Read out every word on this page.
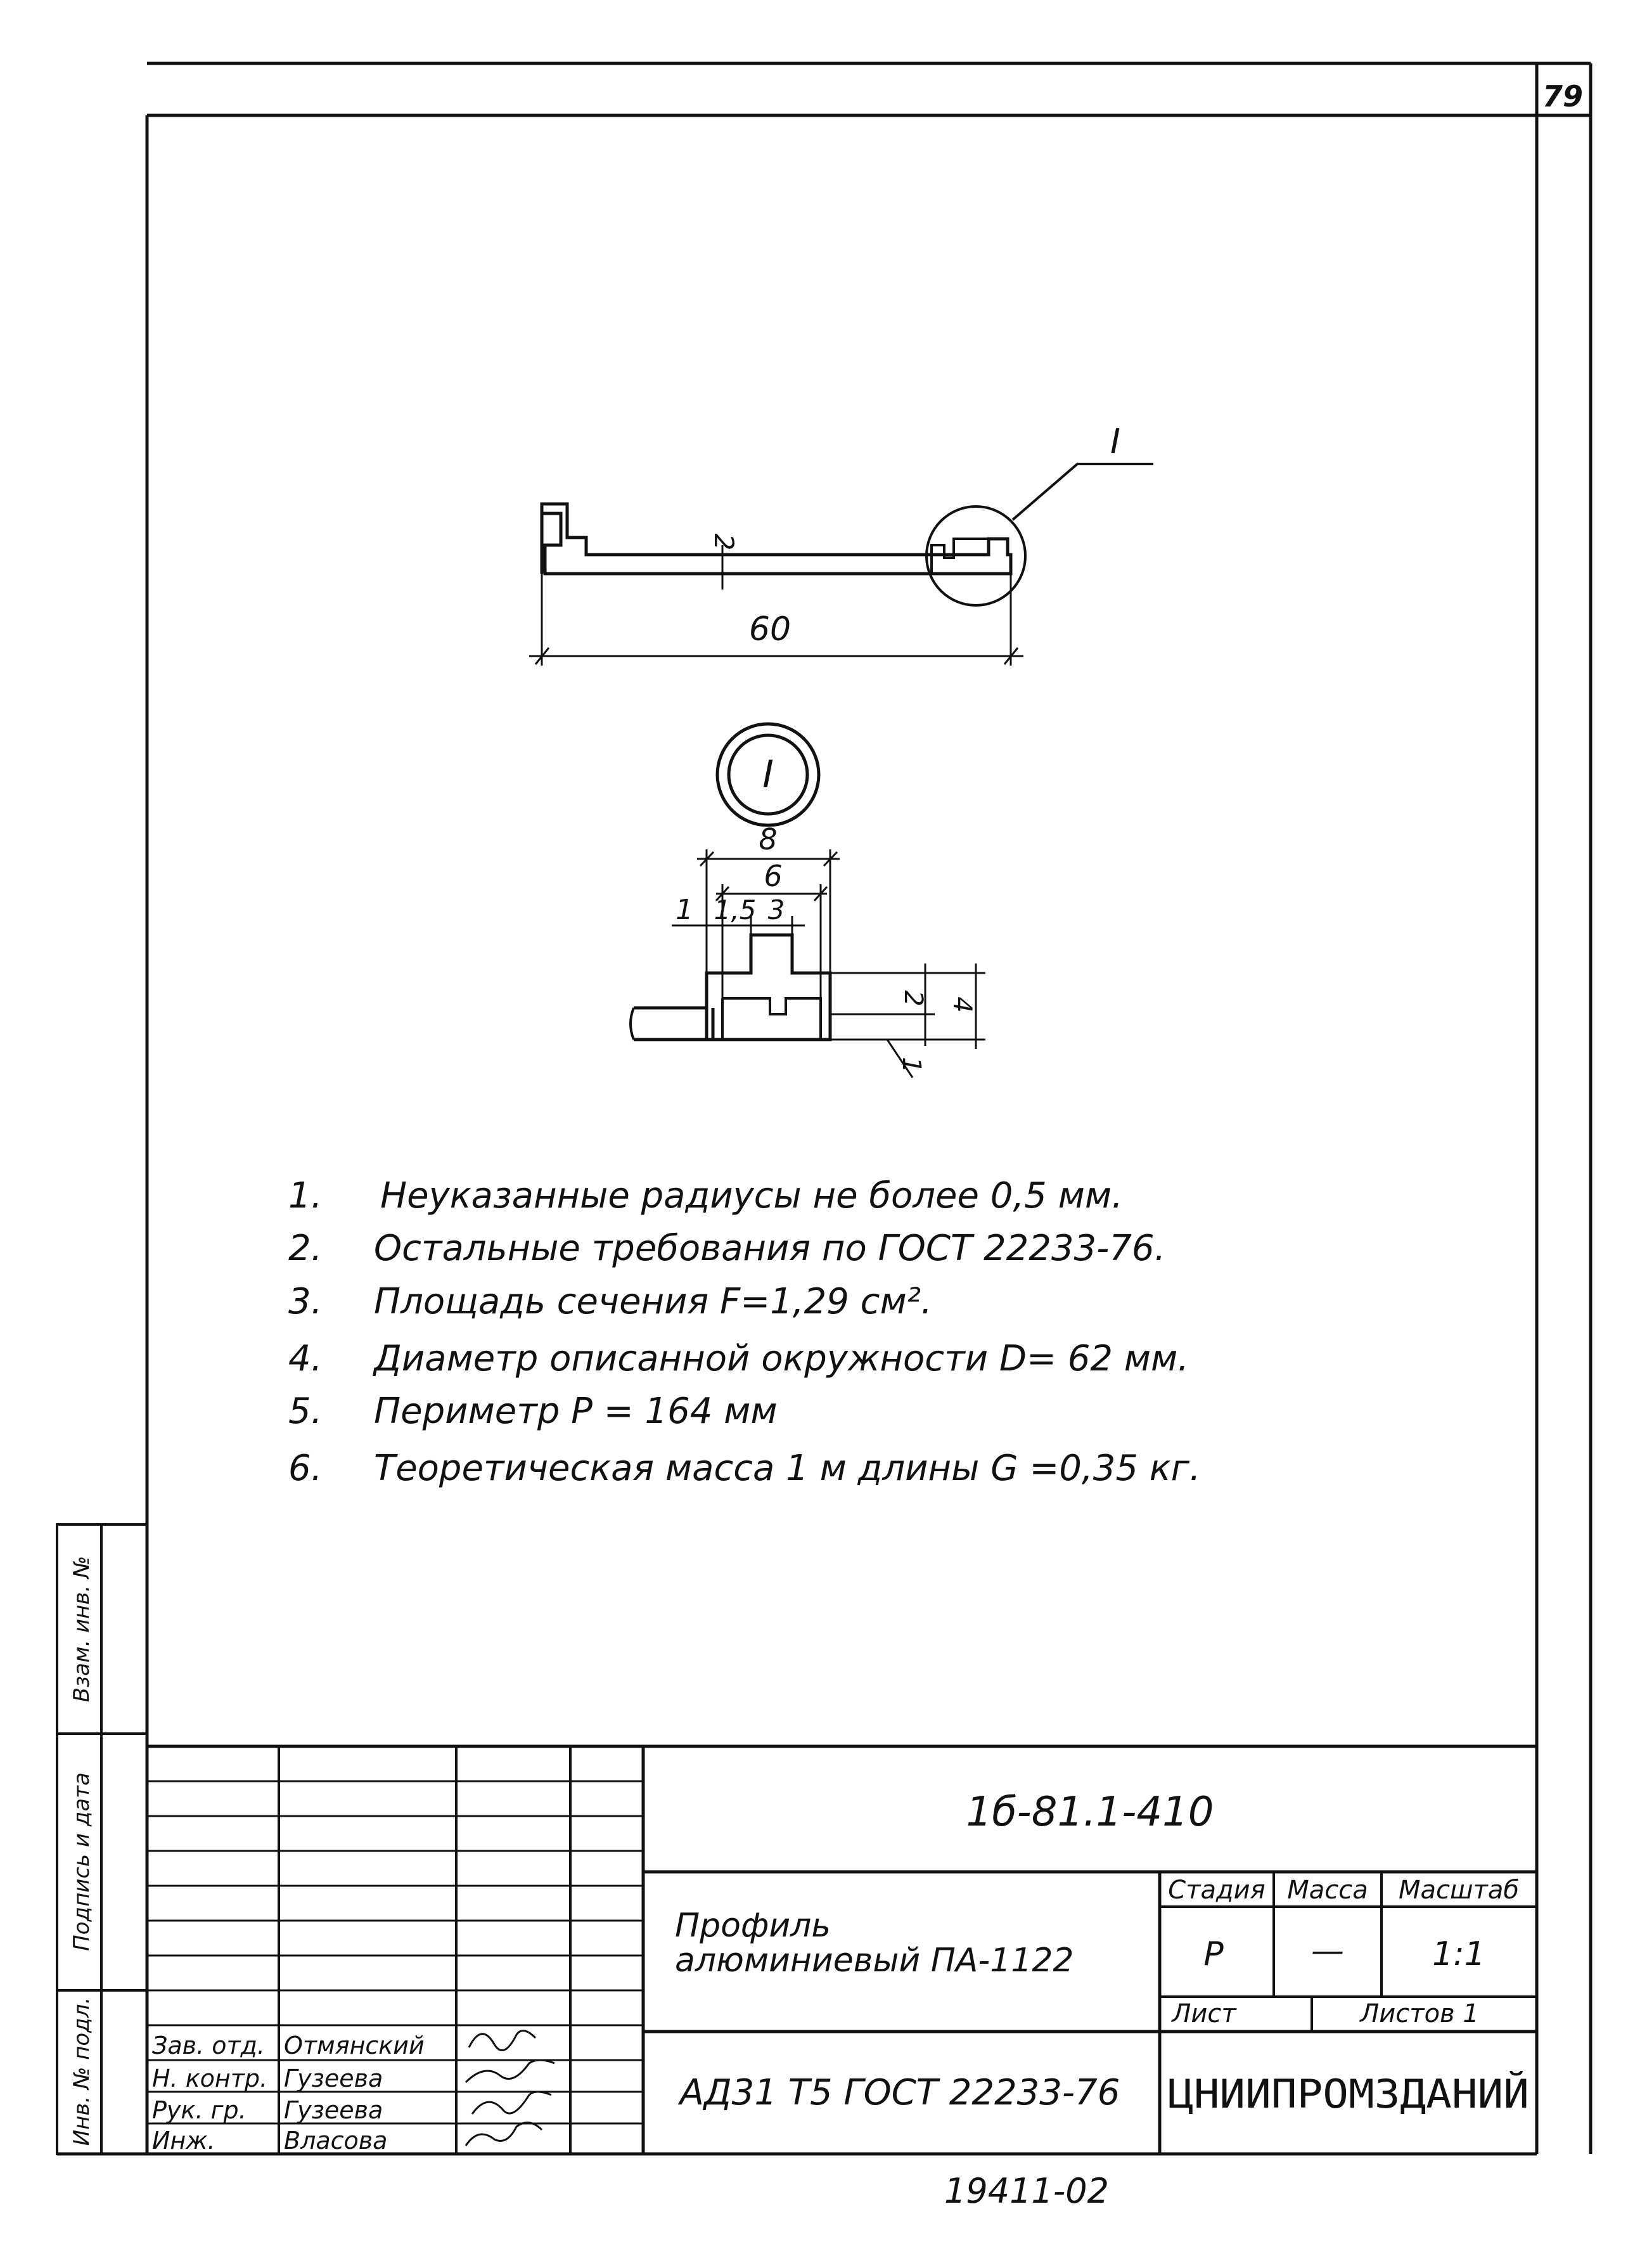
79
Взам. инв. №
Подпись и дата
Инв. № подл.
I
2
60
I
8
6
1 1,5 3
2 4
1
1. Неуказанные радиусы не более 0,5 мм.
2. Остальные требования по ГОСТ 22233-76.
3. Площадь сечения F=1,29 см².
4. Диаметр описанной окружности D= 62 мм.
5. Периметр P = 164 мм
6. Теоретическая масса 1 м длины G =0,35 кг.
Зав. отд. Отмянский
Н. контр. Гузеева
Рук. гр. Гузеева
Инж.	Власова
1б-81.1-410
Профиль
алюминиевый ПА-1122
АД31 Т5 ГОСТ 22233-76
Стадия Масса Масштаб
Р	—	1:1
Лист	Листов 1
ЦНИИПРОМЗДАНИЙ
19411-02
